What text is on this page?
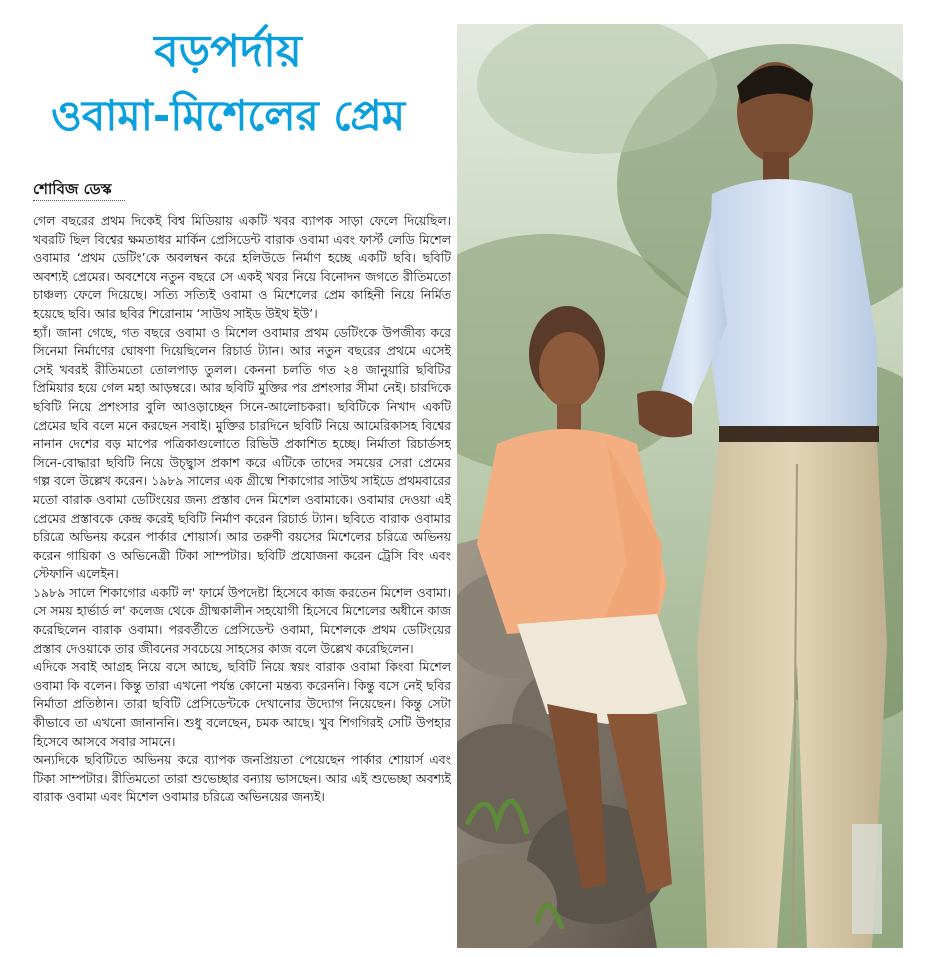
বড়পর্দায়
ওবামা-মিশেলের প্রেম
শোবিজ ডেস্ক

গেল বছরের প্রথম দিকেই বিশ্ব মিডিয়ায় একটি খবর ব্যাপক সাড়া ফেলে দিয়েছিল। খবরটি ছিল বিশ্বের ক্ষমতাধর মার্কিন প্রেসিডেন্ট বারাক ওবামা এবং ফার্স্ট লেডি মিশেল ওবামার ‘প্রথম ডেটিং’কে অবলম্বন করে হলিউডে নির্মাণ হচ্ছে একটি ছবি। ছবিটি অবশ্যই প্রেমের। অবশেষে নতুন বছরে সে একই খবর নিয়ে বিনোদন জগতে রীতিমতো চাঞ্চল্য ফেলে দিয়েছে। সত্যি সত্যিই ওবামা ও মিশেলের প্রেম কাহিনী নিয়ে নির্মিত হয়েছে ছবি। আর ছবির শিরোনাম ‘সাউথ সাইড উইথ ইউ’।

হ্যাঁ। জানা গেছে, গত বছরে ওবামা ও মিশেল ওবামার প্রথম ডেটিংকে উপজীব্য করে সিনেমা নির্মাণের ঘোষণা দিয়েছিলেন রিচার্ড ট্যান। আর নতুন বছরের প্রথমে এসেই সেই খবরই রীতিমতো তোলপাড় তুলল। কেননা চলতি গত ২৪ জানুয়ারি ছবিটির প্রিমিয়ার হয়ে গেল মহা আড়ম্বরে। আর ছবিটি মুক্তির পর প্রশংসার সীমা নেই। চারদিকে ছবিটি নিয়ে প্রশংসার বুলি আওড়াচ্ছেন সিনে-আলোচকরা। ছবিটিকে নিখাদ একটি প্রেমের ছবি বলে মনে করছেন সবাই। মুক্তির চারদিনে ছবিটি নিয়ে আমেরিকাসহ বিশ্বের নানান দেশের বড় মাপের পত্রিকাগুলোতে রিভিউ প্রকাশিত হচ্ছে। নির্মাতা রিচার্ডসহ সিনে-বোদ্ধারা ছবিটি নিয়ে উচ্ছ্বাস প্রকাশ করে এটিকে তাদের সময়ের সেরা প্রেমের গল্প বলে উল্লেখ করেন। ১৯৮৯ সালের এক গ্রীষ্মে শিকাগোর সাউথ সাইডে প্রথমবারের মতো বারাক ওবামা ডেটিংয়ের জন্য প্রস্তাব দেন মিশেল ওবামাকে। ওবামার দেওয়া এই প্রেমের প্রস্তাবকে কেন্দ্র করেই ছবিটি নির্মাণ করেন রিচার্ড ট্যান। ছবিতে বারাক ওবামার চরিত্রে অভিনয় করেন পার্কার শোয়ার্স। আর তরুণী বয়সের মিশেলের চরিত্রে অভিনয় করেন গায়িকা ও অভিনেত্রী টিকা সাম্পটার। ছবিটি প্রযোজনা করেন ট্রেসি বিং এবং স্টেফানি এলেইন।

১৯৮৯ সালে শিকাগোর একটি ল' ফার্মে উপদেষ্টা হিসেবে কাজ করতেন মিশেল ওবামা। সে সময় হার্ভার্ড ল' কলেজ থেকে গ্রীষ্মকালীন সহযোগী হিসেবে মিশেলের অধীনে কাজ করেছিলেন বারাক ওবামা। পরবর্তীতে প্রেসিডেন্ট ওবামা, মিশেলকে প্রথম ডেটিংয়ের প্রস্তাব দেওয়াকে তার জীবনের সবচেয়ে সাহসের কাজ বলে উল্লেখ করেছিলেন।

এদিকে সবাই আগ্রহ নিয়ে বসে আছে, ছবিটি নিয়ে স্বয়ং বারাক ওবামা কিংবা মিশেল ওবামা কি বলেন। কিন্তু তারা এখনো পর্যন্ত কোনো মন্তব্য করেননি। কিন্তু বসে নেই ছবির নির্মাতা প্রতিষ্ঠান। তারা ছবিটি প্রেসিডেন্টকে দেখানোর উদ্যোগ নিয়েছেন। কিন্তু সেটা কীভাবে তা এখনো জানাননি। শুধু বলেছেন, চমক আছে। খুব শিগগিরই সেটি উপহার হিসেবে আসবে সবার সামনে।

অন্যদিকে ছবিটিতে অভিনয় করে ব্যাপক জনপ্রিয়তা পেয়েছেন পার্কার শোয়ার্স এবং টিকা সাম্পটার। রীতিমতো তারা শুভেচ্ছার বন্যায় ভাসছেন। আর এই শুভেচ্ছা অবশ্যই বারাক ওবামা এবং মিশেল ওবামার চরিত্রে অভিনয়ের জন্যই।
